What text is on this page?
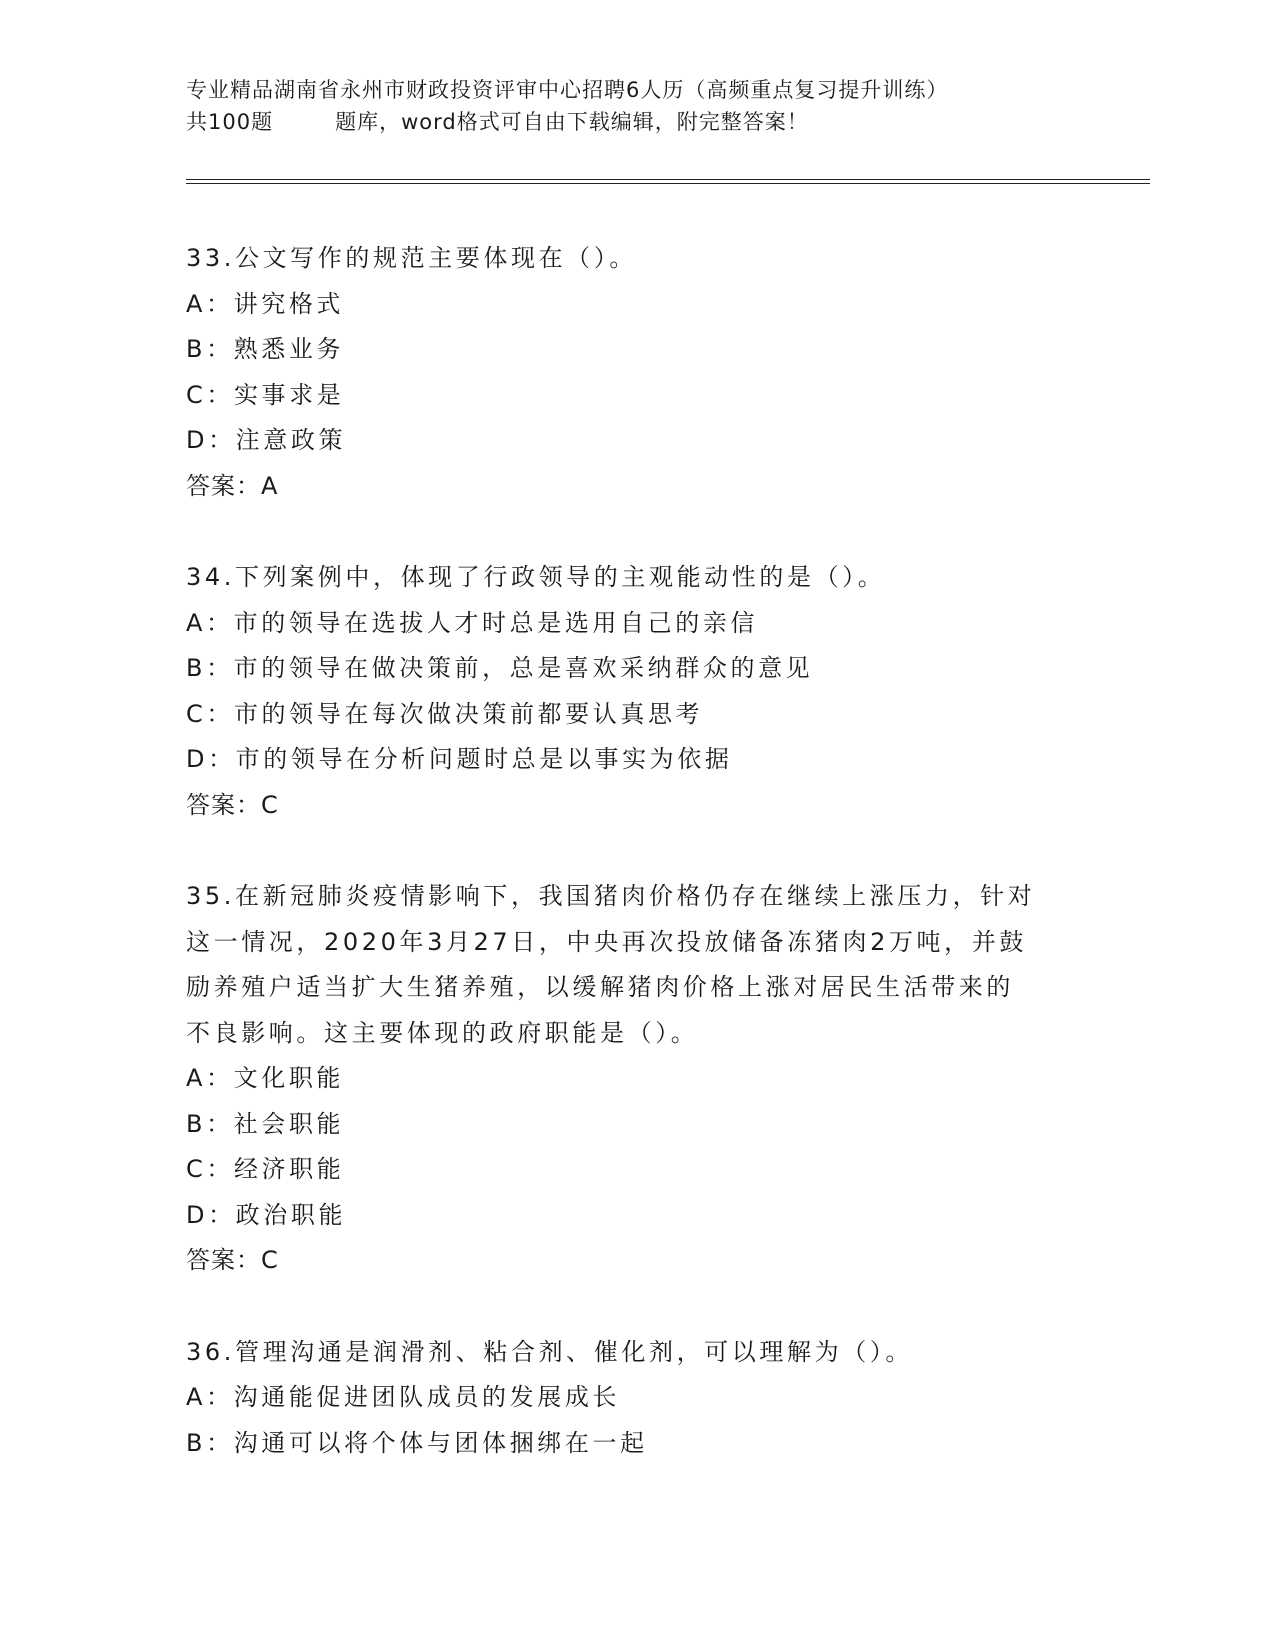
专业精品湖南省永州市财政投资评审中心招聘6人历（高频重点复习提升训练）
共100题	题库，word格式可自由下载编辑，附完整答案！
33.公文写作的规范主要体现在（）。
A：讲究格式
B：熟悉业务
C：实事求是
D：注意政策
答案：A
34.下列案例中，体现了行政领导的主观能动性的是（）。
A：市的领导在选拔人才时总是选用自己的亲信
B：市的领导在做决策前，总是喜欢采纳群众的意见
C：市的领导在每次做决策前都要认真思考
D：市的领导在分析问题时总是以事实为依据
答案：C
35.在新冠肺炎疫情影响下，我国猪肉价格仍存在继续上涨压力，针对
这一情况，2020年3月27日，中央再次投放储备冻猪肉2万吨，并鼓
励养殖户适当扩大生猪养殖，以缓解猪肉价格上涨对居民生活带来的
不良影响。这主要体现的政府职能是（）。
A：文化职能
B：社会职能
C：经济职能
D：政治职能
答案：C
36.管理沟通是润滑剂、粘合剂、催化剂，可以理解为（）。
A：沟通能促进团队成员的发展成长
B：沟通可以将个体与团体捆绑在一起
